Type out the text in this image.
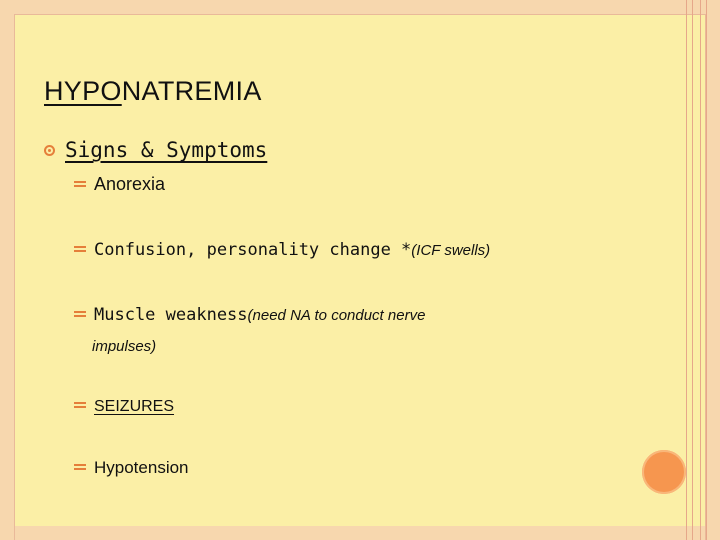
HYPONATREMIA
Signs & Symptoms
Anorexia
Confusion, personality change * (ICF swells)
Muscle weakness (need NA to conduct nerve
impulses)
SEIZURES
Hypotension
